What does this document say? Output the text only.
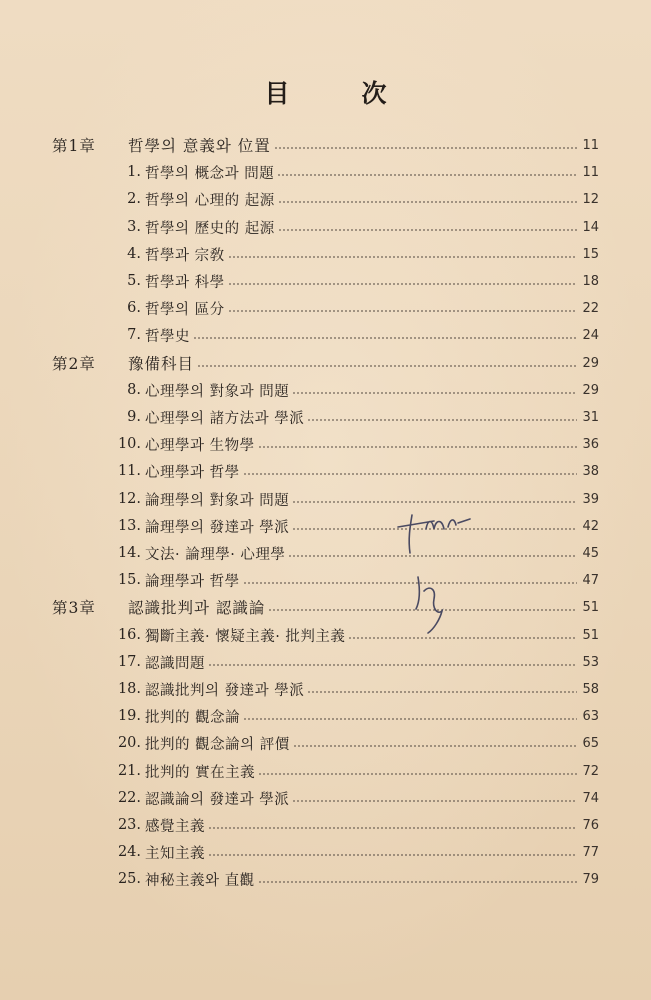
目次
第1章	哲學의 意義와 位置	11
1. 哲學의 概念과 問題	11
2. 哲學의 心理的 起源	12
3. 哲學의 歷史的 起源	14
4. 哲學과 宗敎	15
5. 哲學과 科學	18
6. 哲學의 區分	22
7. 哲學史	24
第2章	豫備科目	29
8. 心理學의 對象과 問題	29
9. 心理學의 諸方法과 學派	31
10. 心理學과 生物學	36
11. 心理學과 哲學	38
12. 論理學의 對象과 問題	39
13. 論理學의 發達과 學派	42
14. 文法· 論理學· 心理學	45
15. 論理學과 哲學	47
第3章	認識批判과 認識論	51
16. 獨斷主義· 懷疑主義· 批判主義	51
17. 認識問題	53
18. 認識批判의 發達과 學派	58
19. 批判的 觀念論	63
20. 批判的 觀念論의 評價	65
21. 批判的 實在主義	72
22. 認識論의 發達과 學派	74
23. 感覺主義	76
24. 主知主義	77
25. 神秘主義와 直觀	79
